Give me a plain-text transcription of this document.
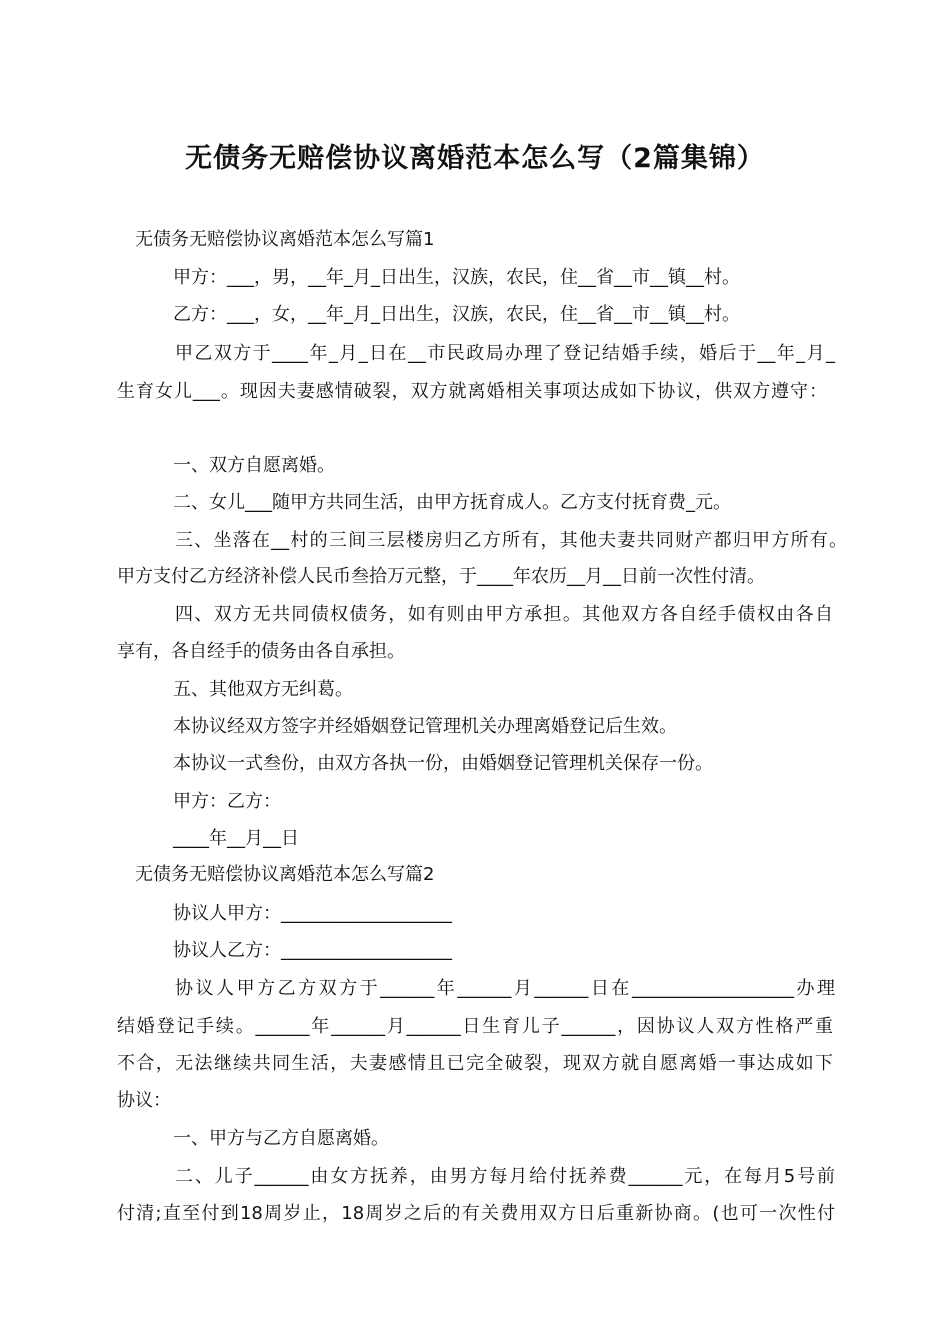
无债务无赔偿协议离婚范本怎么写（2篇集锦）
无债务无赔偿协议离婚范本怎么写篇1
甲方：___，男，__年_月_日出生，汉族，农民，住__省__市__镇__村。
乙方：___，女，__年_月_日出生，汉族，农民，住__省__市__镇__村。
甲乙双方于____年_月_日在__市民政局办理了登记结婚手续，婚后于__年_月_
生育女儿___。现因夫妻感情破裂，双方就离婚相关事项达成如下协议，供双方遵守：
一、双方自愿离婚。
二、女儿___随甲方共同生活，由甲方抚育成人。乙方支付抚育费_元。
三、坐落在__村的三间三层楼房归乙方所有，其他夫妻共同财产都归甲方所有。
甲方支付乙方经济补偿人民币叁拾万元整，于____年农历__月__日前一次性付清。
四、双方无共同债权债务，如有则由甲方承担。其他双方各自经手债权由各自
享有，各自经手的债务由各自承担。
五、其他双方无纠葛。
本协议经双方签字并经婚姻登记管理机关办理离婚登记后生效。
本协议一式叁份，由双方各执一份，由婚姻登记管理机关保存一份。
甲方：乙方：
____年__月__日
无债务无赔偿协议离婚范本怎么写篇2
协议人甲方：___________________
协议人乙方：___________________
协议人甲方乙方双方于______年______月______日在__________________办理
结婚登记手续。______年______月______日生育儿子______，因协议人双方性格严重
不合，无法继续共同生活，夫妻感情且已完全破裂，现双方就自愿离婚一事达成如下
协议：
一、甲方与乙方自愿离婚。
二、儿子______由女方抚养，由男方每月给付抚养费______元，在每月5号前
付清;直至付到18周岁止，18周岁之后的有关费用双方日后重新协商。(也可一次性付
